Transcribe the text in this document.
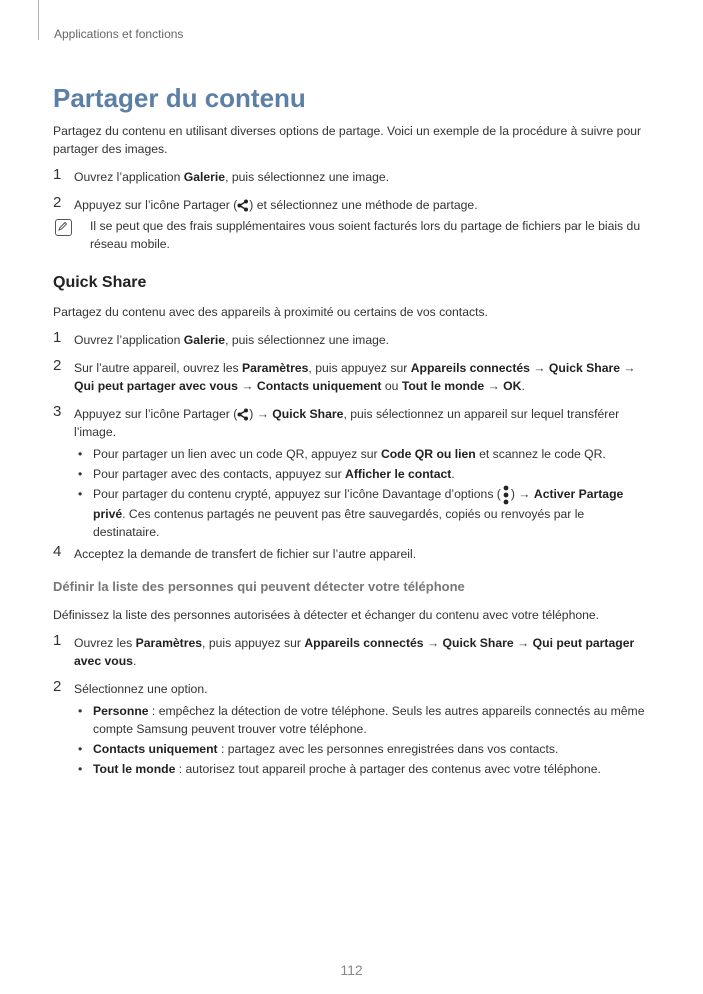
Applications et fonctions
Partager du contenu

Partagez du contenu en utilisant diverses options de partage. Voici un exemple de la procédure à suivre pour partager des images.

1 Ouvrez l’application Galerie, puis sélectionnez une image.
2 Appuyez sur l’icône Partager ( ) et sélectionnez une méthode de partage.

Il se peut que des frais supplémentaires vous soient facturés lors du partage de fichiers par le biais du réseau mobile.

Quick Share

Partagez du contenu avec des appareils à proximité ou certains de vos contacts.

1 Ouvrez l’application Galerie, puis sélectionnez une image.
2 Sur l’autre appareil, ouvrez les Paramètres, puis appuyez sur Appareils connectés → Quick Share → Qui peut partager avec vous → Contacts uniquement ou Tout le monde → OK.
3 Appuyez sur l’icône Partager ( ) → Quick Share, puis sélectionnez un appareil sur lequel transférer l’image.
• Pour partager un lien avec un code QR, appuyez sur Code QR ou lien et scannez le code QR.
• Pour partager avec des contacts, appuyez sur Afficher le contact.
• Pour partager du contenu crypté, appuyez sur l’icône Davantage d’options ( ) → Activer Partage privé. Ces contenus partagés ne peuvent pas être sauvegardés, copiés ou renvoyés par le destinataire.
4 Acceptez la demande de transfert de fichier sur l’autre appareil.
Définir la liste des personnes qui peuvent détecter votre téléphone

Définissez la liste des personnes autorisées à détecter et échanger du contenu avec votre téléphone.

1 Ouvrez les Paramètres, puis appuyez sur Appareils connectés → Quick Share → Qui peut partager avec vous.
2 Sélectionnez une option.
• Personne : empêchez la détection de votre téléphone. Seuls les autres appareils connectés au même compte Samsung peuvent trouver votre téléphone.
• Contacts uniquement : partagez avec les personnes enregistrées dans vos contacts.
• Tout le monde : autorisez tout appareil proche à partager des contenus avec votre téléphone.
112
